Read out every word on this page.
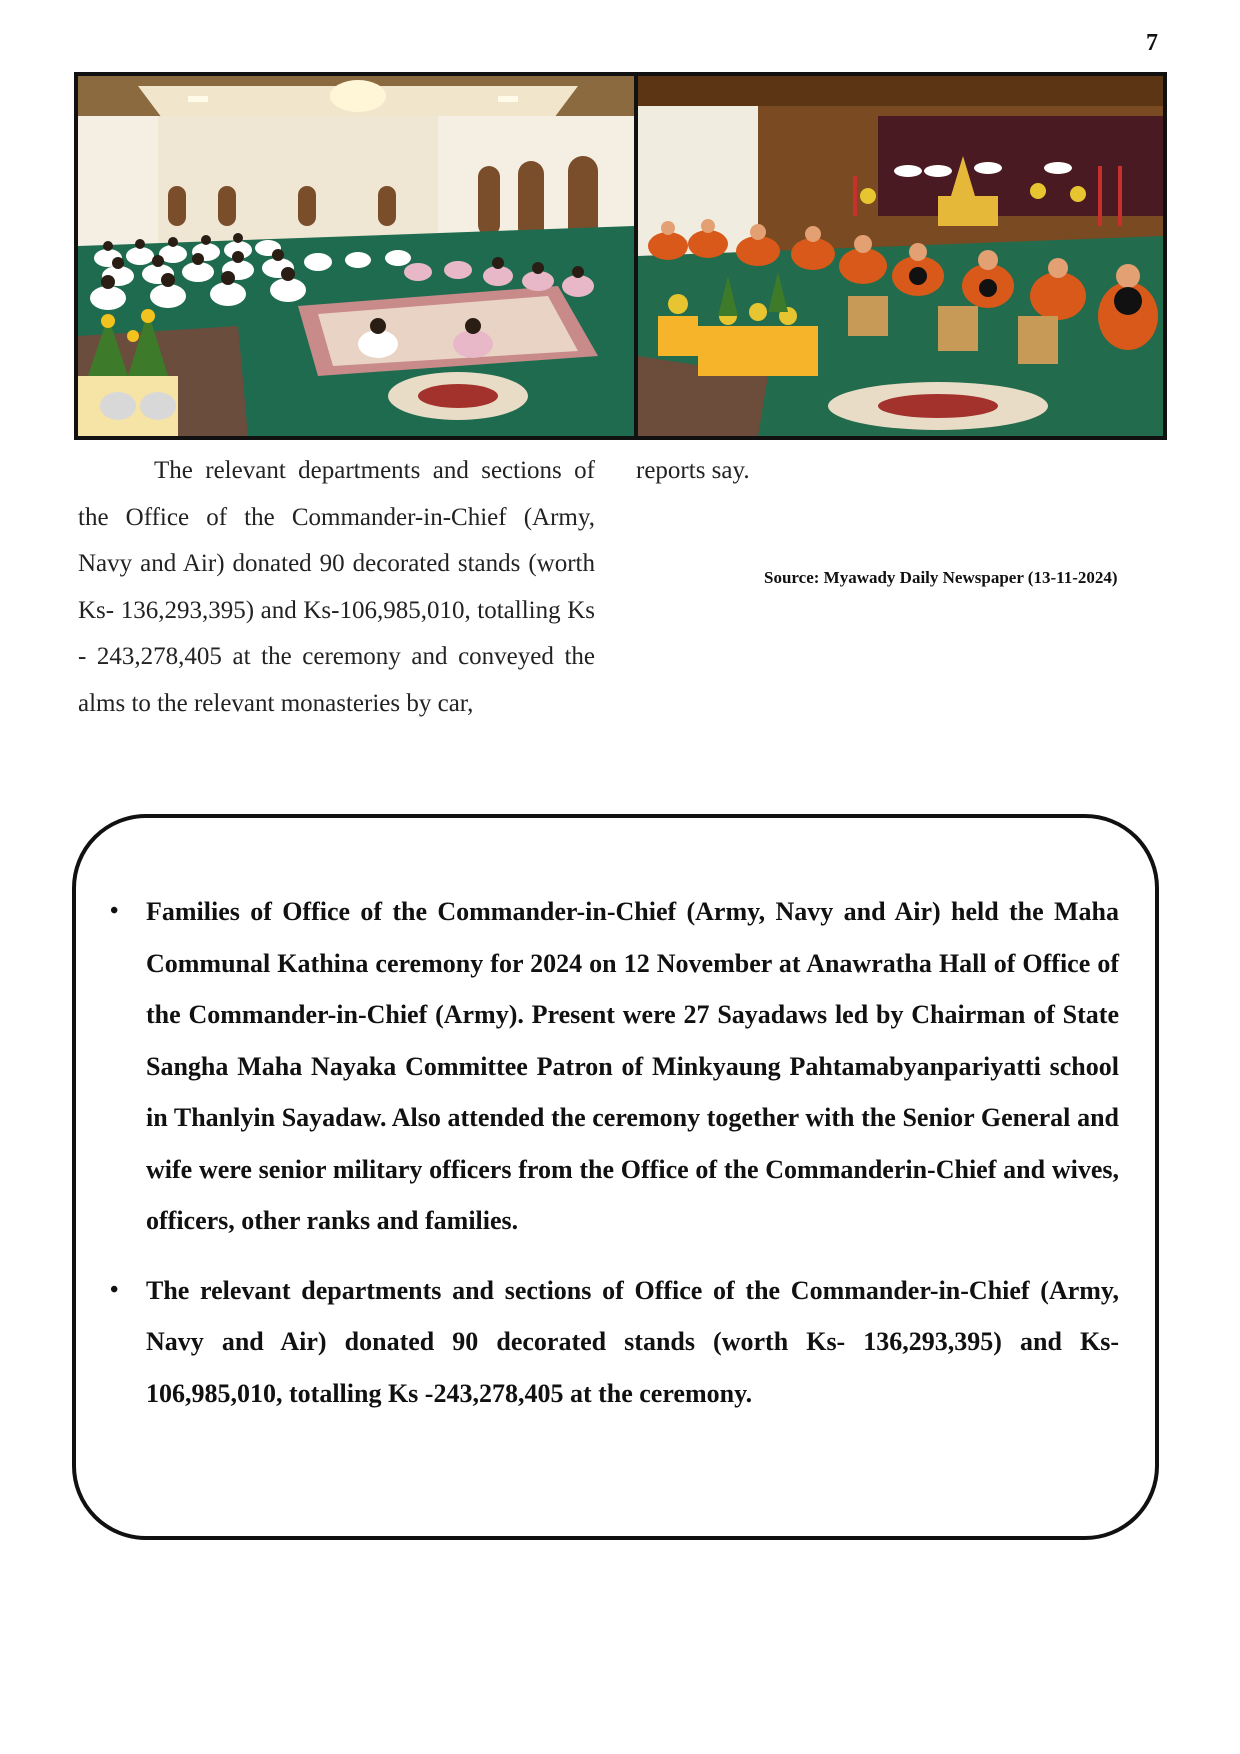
7

The relevant departments and sections of the Office of the Commander-in-Chief (Army, Navy and Air) donated 90 decorated stands (worth Ks- 136,293,395) and Ks-106,985,010, totalling Ks - 243,278,405 at the ceremony and conveyed the alms to the relevant monasteries by car,

reports say.

Source: Myawady Daily Newspaper (13-11-2024)
• Families of Office of the Commander-in-Chief (Army, Navy and Air) held the Maha Communal Kathina ceremony for 2024 on 12 November at Anawratha Hall of Office of the Commander-in-Chief (Army). Present were 27 Sayadaws led by Chairman of State Sangha Maha Nayaka Committee Patron of Minkyaung Pahtamabyanpariyatti school in Thanlyin Sayadaw. Also attended the ceremony together with the Senior General and wife were senior military officers from the Office of the Commanderin-Chief and wives, officers, other ranks and families.
• The relevant departments and sections of Office of the Commander-in-Chief (Army, Navy and Air) donated 90 decorated stands (worth Ks- 136,293,395) and Ks-106,985,010, totalling Ks -243,278,405 at the ceremony.
